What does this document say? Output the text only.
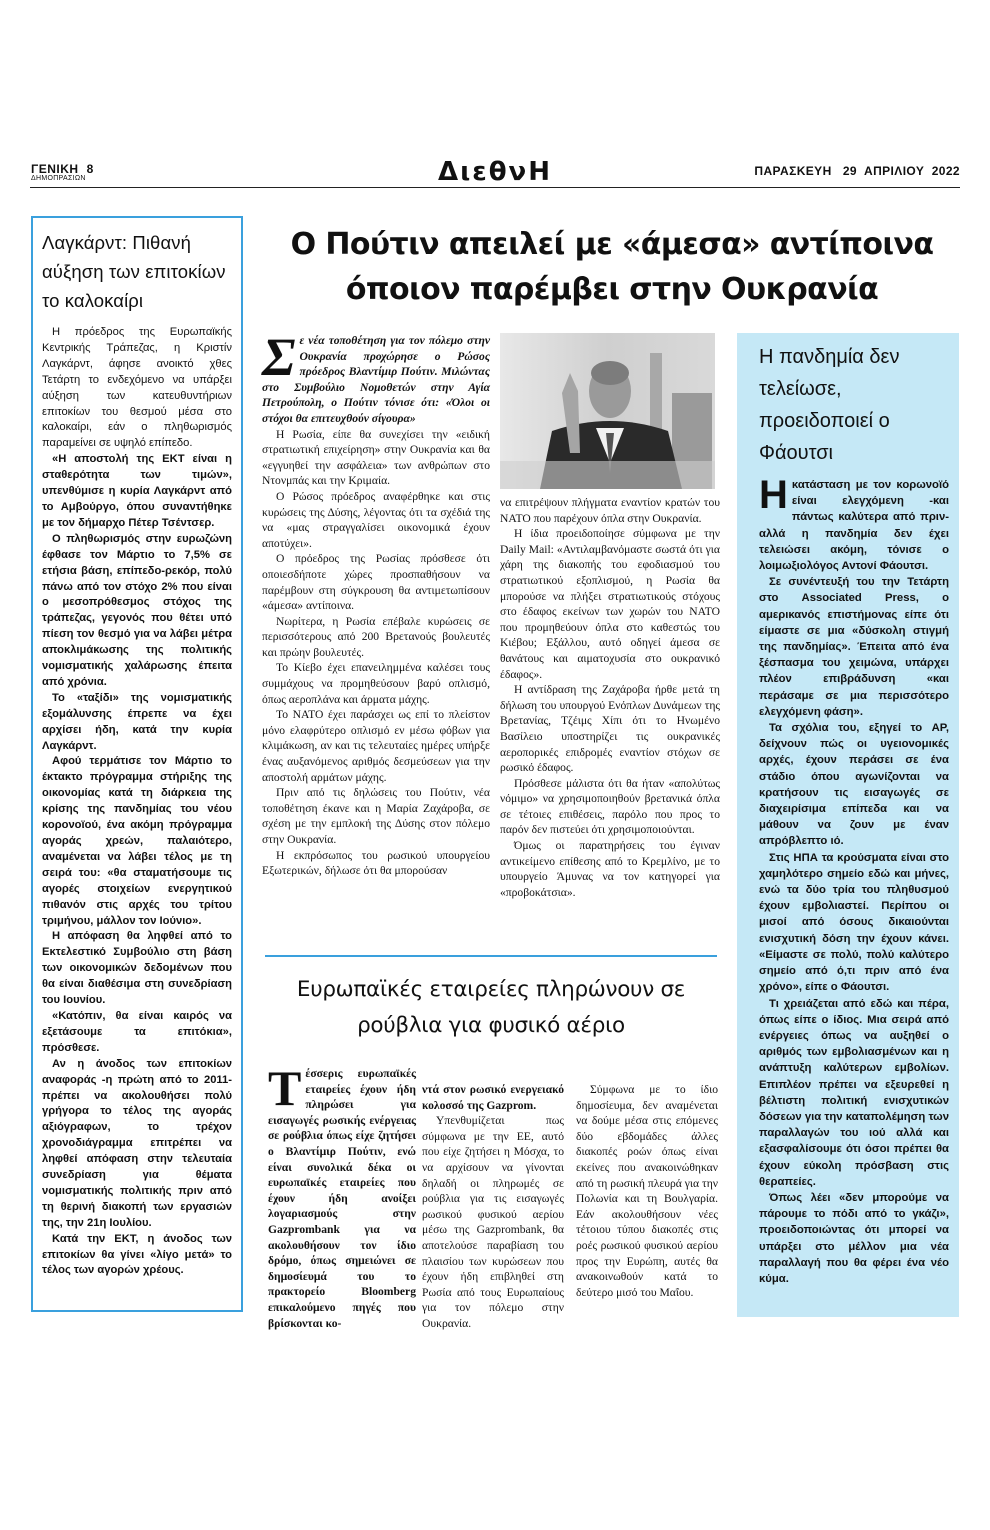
ΓΕΝΙΚΗ 8
ΔΗΜΟΠΡΑΣΙΩΝ	ΔιεθνΗ	ΠΑΡΑΣΚΕΥΗ   29  ΑΠΡΙΛΙΟΥ  2022
Λαγκάρντ: Πιθανή αύξηση των επιτοκίων το καλοκαίρι

Η πρόεδρος της Ευρωπαϊκής Κεντρικής Τράπεζας, η Κριστίν Λαγκάρντ, άφησε ανοικτό χθες Τετάρτη το ενδεχόμενο να υπάρξει αύξηση των κατευθυντήριων επιτοκίων του θεσμού μέσα στο καλοκαίρι, εάν ο πληθωρισμός παραμείνει σε υψηλό επίπεδο.

«Η αποστολή της ΕΚΤ είναι η σταθερότητα των τιμών», υπενθύμισε η κυρία Λαγκάρντ από το Αμβούργο, όπου συναντήθηκε με τον δήμαρχο Πέτερ Τσέντσερ.

Ο πληθωρισμός στην ευρωζώνη έφθασε τον Μάρτιο το 7,5% σε ετήσια βάση, επίπεδο-ρεκόρ, πολύ πάνω από τον στόχο 2% που είναι ο μεσοπρόθεσμος στόχος της τράπεζας, γεγονός που θέτει υπό πίεση τον θεσμό για να λάβει μέτρα αποκλιμάκωσης της πολιτικής νομισματικής χαλάρωσης έπειτα από χρόνια.

Το «ταξίδι» της νομισματικής εξομάλυνσης έπρεπε να έχει αρχίσει ήδη, κατά την κυρία Λαγκάρντ.

Αφού τερμάτισε τον Μάρτιο το έκτακτο πρόγραμμα στήριξης της οικονομίας κατά τη διάρκεια της κρίσης της πανδημίας του νέου κορονοϊού, ένα ακόμη πρόγραμμα αγοράς χρεών, παλαιότερο, αναμένεται να λάβει τέλος με τη σειρά του: «θα σταματήσουμε τις αγορές στοιχείων ενεργητικού πιθανόν στις αρχές του τρίτου τριμήνου, μάλλον τον Ιούνιο».

Η απόφαση θα ληφθεί από το Εκτελεστικό Συμβούλιο στη βάση των οικονομικών δεδομένων που θα είναι διαθέσιμα στη συνεδρίαση του Ιουνίου.

«Κατόπιν, θα είναι καιρός να εξετάσουμε τα επιτόκια», πρόσθεσε.

Αν η άνοδος των επιτοκίων αναφοράς -η πρώτη από το 2011- πρέπει να ακολουθήσει πολύ γρήγορα το τέλος της αγοράς αξιόγραφων, το τρέχον χρονοδιάγραμμα επιτρέπει να ληφθεί απόφαση στην τελευταία συνεδρίαση για θέματα νομισματικής πολιτικής πριν από τη θερινή διακοπή των εργασιών της, την 21η Ιουλίου.

Κατά την ΕΚΤ, η άνοδος των επιτοκίων θα γίνει «λίγο μετά» το τέλος των αγορών χρέους.

Ο Πούτιν απειλεί με «άμεσα» αντίποινα όποιον παρέμβει στην Ουκρανία

Σε νέα τοποθέτηση για τον πόλεμο στην Ουκρανία προχώρησε ο Ρώσος πρόεδρος Βλαντίμιρ Πούτιν. Μιλώντας στο Συμβούλιο Νομοθετών στην Αγία Πετρούπολη, ο Πούτιν τόνισε ότι: «Όλοι οι στόχοι θα επιτευχθούν σίγουρα»

Η Ρωσία, είπε θα συνεχίσει την «ειδική στρατιωτική επιχείρηση» στην Ουκρανία και θα «εγγυηθεί την ασφάλεια» των ανθρώπων στο Ντονμπάς και την Κριμαία.

Ο Ρώσος πρόεδρος αναφέρθηκε και στις κυρώσεις της Δύσης, λέγοντας ότι τα σχέδιά της να «μας στραγγαλίσει οικονομικά έχουν αποτύχει».

Ο πρόεδρος της Ρωσίας πρόσθεσε ότι οποιεσδήποτε χώρες προσπαθήσουν να παρέμβουν στη σύγκρουση θα αντιμετωπίσουν «άμεσα» αντίποινα.

Νωρίτερα, η Ρωσία επέβαλε κυρώσεις σε περισσότερους από 200 Βρετανούς βουλευτές και πρώην βουλευτές.

Το Κίεβο έχει επανειλημμένα καλέσει τους συμμάχους να προμηθεύσουν βαρύ οπλισμό, όπως αεροπλάνα και άρματα μάχης.

Το ΝΑΤΟ έχει παράσχει ως επί το πλείστον μόνο ελαφρύτερο οπλισμό εν μέσω φόβων για κλιμάκωση, αν και τις τελευταίες ημέρες υπήρξε ένας αυξανόμενος αριθμός δεσμεύσεων για την αποστολή αρμάτων μάχης.

Πριν από τις δηλώσεις του Πούτιν, νέα τοποθέτηση έκανε και η Μαρία Ζαχάροβα, σε σχέση με την εμπλοκή της Δύσης στον πόλεμο στην Ουκρανία.

Η εκπρόσωπος του ρωσικού υπουργείου Εξωτερικών, δήλωσε ότι θα μπορούσαν

να επιτρέψουν πλήγματα εναντίον κρατών του ΝΑΤΟ που παρέχουν όπλα στην Ουκρανία.

Η ίδια προειδοποίησε σύμφωνα με την Daily Mail: «Αντιλαμβανόμαστε σωστά ότι για χάρη της διακοπής του εφοδιασμού του στρατιωτικού εξοπλισμού, η Ρωσία θα μπορούσε να πλήξει στρατιωτικούς στόχους στο έδαφος εκείνων των χωρών του ΝΑΤΟ που προμηθεύουν όπλα στο καθεστώς του Κιέβου; Εξάλλου, αυτό οδηγεί άμεσα σε θανάτους και αιματοχυσία στο ουκρανικό έδαφος».

Η αντίδραση της Ζαχάροβα ήρθε μετά τη δήλωση του υπουργού Ενόπλων Δυνάμεων της Βρετανίας, Τζέιμς Χίπι ότι το Ηνωμένο Βασίλειο υποστηρίζει τις ουκρανικές αεροπορικές επιδρομές εναντίον στόχων σε ρωσικό έδαφος.

Πρόσθεσε μάλιστα ότι θα ήταν «απολύτως νόμιμο» να χρησιμοποιηθούν βρετανικά όπλα σε τέτοιες επιθέσεις, παρόλο που προς το παρόν δεν πιστεύει ότι χρησιμοποιούνται.

Όμως οι παρατηρήσεις του έγιναν αντικείμενο επίθεσης από το Κρεμλίνο, με το υπουργείο Άμυνας να τον κατηγορεί για «προβοκάτσια».

Η πανδημία δεν τελείωσε, προειδοποιεί ο Φάουτσι

Ηκατάσταση με τον κορωνοϊό είναι ελεγχόμενη -και πάντως καλύτερα από πριν- αλλά η πανδημία δεν έχει τελειώσει ακόμη, τόνισε ο λοιμωξιολόγος Αντονί Φάουτσι.

Σε συνέντευξή του την Τετάρτη στο Associated Press, ο αμερικανός επιστήμονας είπε ότι είμαστε σε μια «δύσκολη στιγμή της πανδημίας». Έπειτα από ένα ξέσπασμα του χειμώνα, υπάρχει πλέον επιβράδυνση «και περάσαμε σε μια περισσότερο ελεγχόμενη φάση».

Τα σχόλια του, εξηγεί το AP, δείχνουν πώς οι υγειονομικές αρχές, έχουν περάσει σε ένα στάδιο όπου αγωνίζονται να κρατήσουν τις εισαγωγές σε διαχειρίσιμα επίπεδα και να μάθουν να ζουν με έναν απρόβλεπτο ιό.

Στις ΗΠΑ τα κρούσματα είναι στο χαμηλότερο σημείο εδώ και μήνες, ενώ τα δύο τρία του πληθυσμού έχουν εμβολιαστεί. Περίπου οι μισοί από όσους δικαιούνται ενισχυτική δόση την έχουν κάνει. «Είμαστε σε πολύ, πολύ καλύτερο σημείο από ό,τι πριν από ένα χρόνο», είπε ο Φάουτσι.

Τι χρειάζεται από εδώ και πέρα, όπως είπε ο ίδιος. Μια σειρά από ενέργειες όπως να αυξηθεί ο αριθμός των εμβολιασμένων και η ανάπτυξη καλύτερων εμβολίων. Επιπλέον πρέπει να εξευρεθεί η βέλτιστη πολιτική ενισχυτικών δόσεων για την καταπολέμηση των παραλλαγών του ιού αλλά και εξασφαλίσουμε ότι όσοι πρέπει θα έχουν εύκολη πρόσβαση στις θεραπείες.

Όπως λέει «δεν μπορούμε να πάρουμε το πόδι από το γκάζι», προειδοποιώντας ότι μπορεί να υπάρξει στο μέλλον μια νέα παραλλαγή που θα φέρει ένα νέο κύμα.

Ευρωπαϊκές εταιρείες πληρώνουν σε ρούβλια για φυσικό αέριο

Τέσσερις ευρωπαϊκές εταιρείες έχουν ήδη πληρώσει για εισαγωγές ρωσικής ενέργειας σε ρούβλια όπως είχε ζητήσει ο Βλαντίμιρ Πούτιν, ενώ είναι συνολικά δέκα οι ευρωπαϊκές εταιρείες που έχουν ήδη ανοίξει λογαριασμούς στην Gazprombank για να ακολουθήσουν τον ίδιο δρόμο, όπως σημειώνει σε δημοσίευμά του το πρακτορείο Bloomberg επικαλούμενο πηγές που βρίσκονται κο-

ντά στον ρωσικό ενεργειακό κολοσσό της Gazprom.

Υπενθυμίζεται πως σύμφωνα με την ΕΕ, αυτό που είχε ζητήσει η Μόσχα, το να αρχίσουν να γίνονται δηλαδή οι πληρωμές σε ρούβλια για τις εισαγωγές ρωσικού φυσικού αερίου μέσω της Gazprombank, θα αποτελούσε παραβίαση του πλαισίου των κυρώσεων που έχουν ήδη επιβληθεί στη Ρωσία από τους Ευρωπαίους για τον πόλεμο στην Ουκρανία.

Σύμφωνα με το ίδιο δημοσίευμα, δεν αναμένεται να δούμε μέσα στις επόμενες δύο εβδομάδες άλλες διακοπές ροών όπως είναι εκείνες που ανακοινώθηκαν από τη ρωσική πλευρά για την Πολωνία και τη Βουλγαρία. Εάν ακολουθήσουν νέες τέτοιου τύπου διακοπές στις ροές ρωσικού φυσικού αερίου προς την Ευρώπη, αυτές θα ανακοινωθούν κατά το δεύτερο μισό του Μαΐου.
